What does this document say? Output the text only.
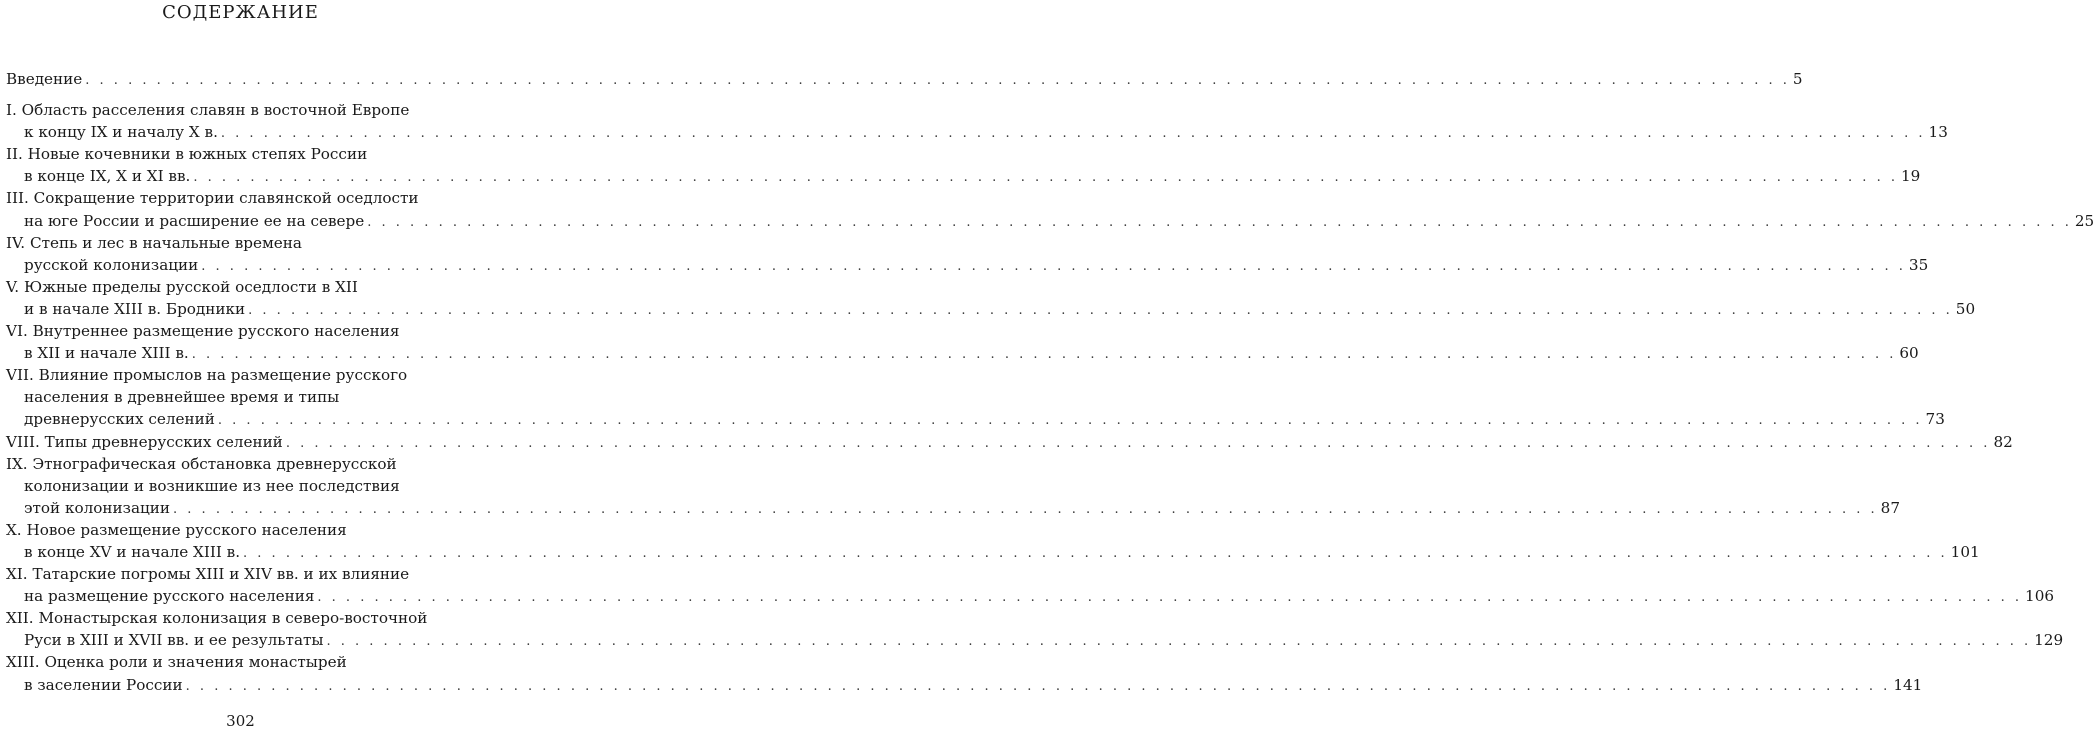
СОДЕРЖАНИЕ
Введение . . . . . . . . . . . . . . . . . . . . . . . . . . . . . . . . . . . . . . . . . . . . . . . . . . . . . . . . . . . . . . . . . . . . . . . . . . . . . . . . . . . . . . . . . . . . . . . . . . . . . . . . . . . . . . . . . . . . . . . . 5
I. Область расселения славян в восточной Европе
к концу IX и началу X в. . . . . . . . . . . . . . . . . . . . . . . . . . . . . . . . . . . . . . . . . . . . . . . . . . . . . . . . . . . . . . . . . . . . . . . . . . . . . . . . . . . . . . . . . . . . . . . . . . . . . . . . . . . . . . . . . . . . . . . . . 13
II. Новые кочевники в южных степях России
в конце IX, X и XI вв. . . . . . . . . . . . . . . . . . . . . . . . . . . . . . . . . . . . . . . . . . . . . . . . . . . . . . . . . . . . . . . . . . . . . . . . . . . . . . . . . . . . . . . . . . . . . . . . . . . . . . . . . . . . . . . . . . . . . . . . . 19
III. Сокращение территории славянской оседлости
на юге России и расширение ее на севере . . . . . . . . . . . . . . . . . . . . . . . . . . . . . . . . . . . . . . . . . . . . . . . . . . . . . . . . . . . . . . . . . . . . . . . . . . . . . . . . . . . . . . . . . . . . . . . . . . . . . . . . . . . . . . . . . . . . . . . . 25
IV. Степь и лес в начальные времена
русской колонизации . . . . . . . . . . . . . . . . . . . . . . . . . . . . . . . . . . . . . . . . . . . . . . . . . . . . . . . . . . . . . . . . . . . . . . . . . . . . . . . . . . . . . . . . . . . . . . . . . . . . . . . . . . . . . . . . . . . . . . . . 35
V. Южные пределы русской оседлости в XII
и в начале XIII в. Бродники . . . . . . . . . . . . . . . . . . . . . . . . . . . . . . . . . . . . . . . . . . . . . . . . . . . . . . . . . . . . . . . . . . . . . . . . . . . . . . . . . . . . . . . . . . . . . . . . . . . . . . . . . . . . . . . . . . . . . . . . 50
VI. Внутреннее размещение русского населения
в XII и начале XIII в. . . . . . . . . . . . . . . . . . . . . . . . . . . . . . . . . . . . . . . . . . . . . . . . . . . . . . . . . . . . . . . . . . . . . . . . . . . . . . . . . . . . . . . . . . . . . . . . . . . . . . . . . . . . . . . . . . . . . . . . . 60
VII. Влияние промыслов на размещение русского
населения в древнейшее время и типы
древнерусских селений . . . . . . . . . . . . . . . . . . . . . . . . . . . . . . . . . . . . . . . . . . . . . . . . . . . . . . . . . . . . . . . . . . . . . . . . . . . . . . . . . . . . . . . . . . . . . . . . . . . . . . . . . . . . . . . . . . . . . . . . 73
VIII. Типы древнерусских селений . . . . . . . . . . . . . . . . . . . . . . . . . . . . . . . . . . . . . . . . . . . . . . . . . . . . . . . . . . . . . . . . . . . . . . . . . . . . . . . . . . . . . . . . . . . . . . . . . . . . . . . . . . . . . . . . . . . . . . . . 82
IX. Этнографическая обстановка древнерусской
колонизации и возникшие из нее последствия
этой колонизации . . . . . . . . . . . . . . . . . . . . . . . . . . . . . . . . . . . . . . . . . . . . . . . . . . . . . . . . . . . . . . . . . . . . . . . . . . . . . . . . . . . . . . . . . . . . . . . . . . . . . . . . . . . . . . . . . . . . . . . . 87
X. Новое размещение русского населения
в конце XV и начале XIII в. . . . . . . . . . . . . . . . . . . . . . . . . . . . . . . . . . . . . . . . . . . . . . . . . . . . . . . . . . . . . . . . . . . . . . . . . . . . . . . . . . . . . . . . . . . . . . . . . . . . . . . . . . . . . . . . . . . . . . . . . 101
XI. Татарские погромы XIII и XIV вв. и их влияние
на размещение русского населения . . . . . . . . . . . . . . . . . . . . . . . . . . . . . . . . . . . . . . . . . . . . . . . . . . . . . . . . . . . . . . . . . . . . . . . . . . . . . . . . . . . . . . . . . . . . . . . . . . . . . . . . . . . . . . . . . . . . . . . . 106
XII. Монастырская колонизация в северо-восточной
Руси в XIII и XVII вв. и ее результаты . . . . . . . . . . . . . . . . . . . . . . . . . . . . . . . . . . . . . . . . . . . . . . . . . . . . . . . . . . . . . . . . . . . . . . . . . . . . . . . . . . . . . . . . . . . . . . . . . . . . . . . . . . . . . . . . . . . . . . . . 129
XIII. Оценка роли и значения монастырей
в заселении России . . . . . . . . . . . . . . . . . . . . . . . . . . . . . . . . . . . . . . . . . . . . . . . . . . . . . . . . . . . . . . . . . . . . . . . . . . . . . . . . . . . . . . . . . . . . . . . . . . . . . . . . . . . . . . . . . . . . . . . . 141
302
